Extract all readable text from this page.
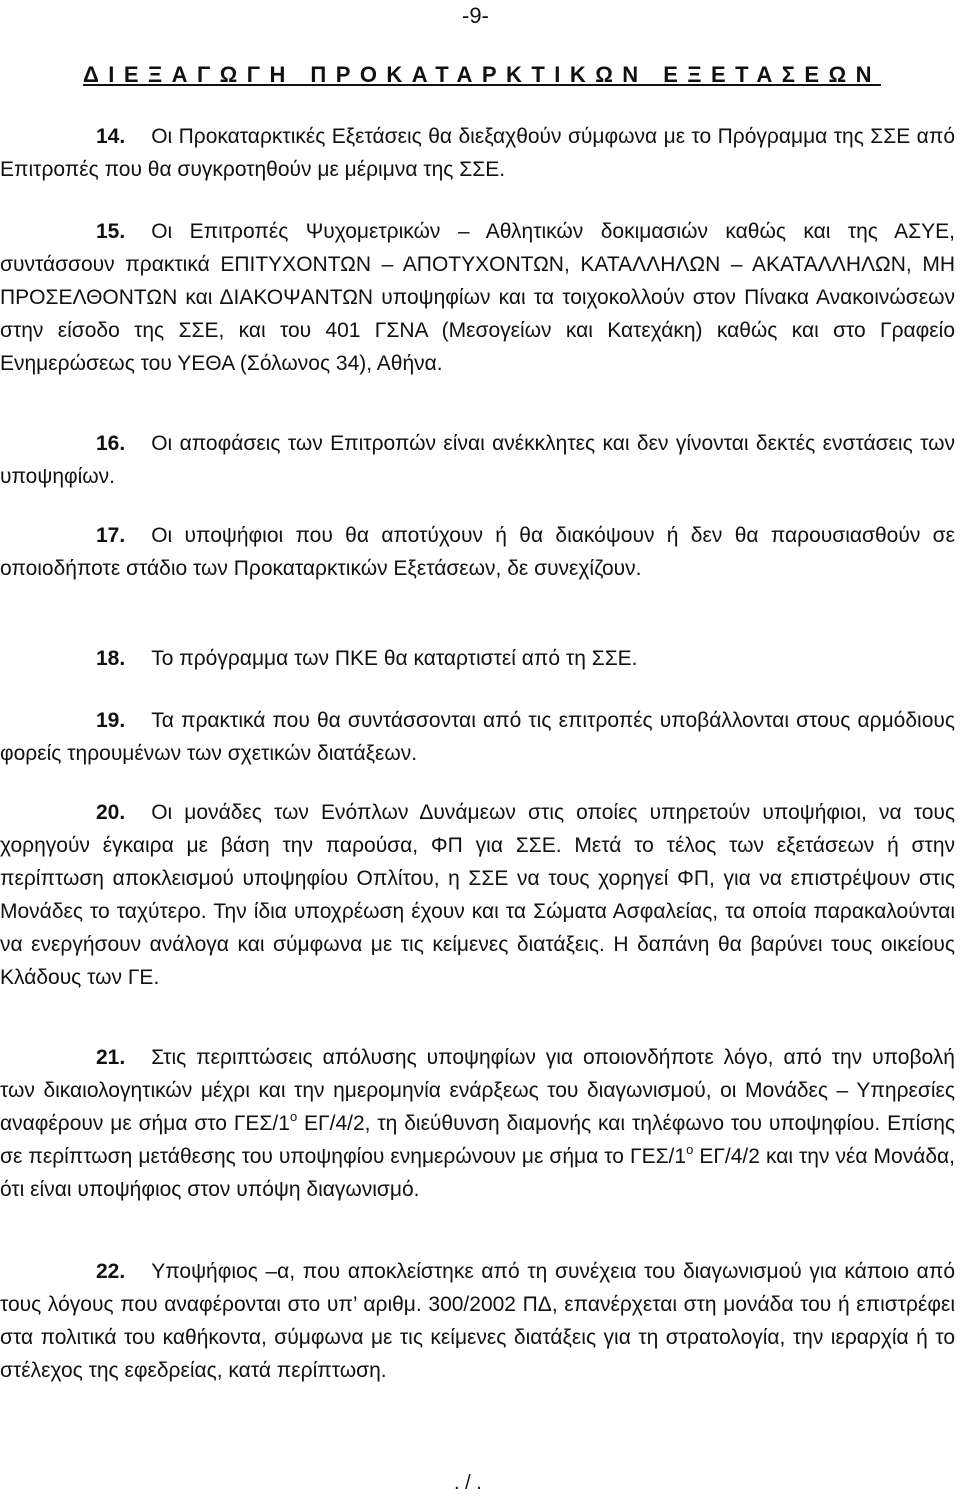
-9-
ΔΙΕΞΑΓΩΓΗ ΠΡΟΚΑΤΑΡΚΤΙΚΩΝ ΕΞΕΤΑΣΕΩΝ
14. Οι Προκαταρκτικές Εξετάσεις θα διεξαχθούν σύμφωνα με το Πρόγραμμα της ΣΣΕ από Επιτροπές που θα συγκροτηθούν με μέριμνα της ΣΣΕ.
15. Οι Επιτροπές Ψυχομετρικών – Αθλητικών δοκιμασιών καθώς και της ΑΣΥΕ, συντάσσουν πρακτικά ΕΠΙΤΥΧΟΝΤΩΝ – ΑΠΟΤΥΧΟΝΤΩΝ, ΚΑΤΑΛΛΗΛΩΝ – ΑΚΑΤΑΛΛΗΛΩΝ, ΜΗ ΠΡΟΣΕΛΘΟΝΤΩΝ και ΔΙΑΚΟΨΑΝΤΩΝ υποψηφίων και τα τοιχοκολλούν στον Πίνακα Ανακοινώσεων στην είσοδο της ΣΣΕ, και του 401 ΓΣΝΑ (Μεσογείων και Κατεχάκη) καθώς και στο Γραφείο Ενημερώσεως του ΥΕΘΑ (Σόλωνος 34), Αθήνα.
16. Οι αποφάσεις των Επιτροπών είναι ανέκκλητες και δεν γίνονται δεκτές ενστάσεις των υποψηφίων.
17. Οι υποψήφιοι που θα αποτύχουν ή θα διακόψουν ή δεν θα παρουσιασθούν σε οποιοδήποτε στάδιο των Προκαταρκτικών Εξετάσεων, δε συνεχίζουν.
18. Το πρόγραμμα των ΠΚΕ θα καταρτιστεί από τη ΣΣΕ.
19. Τα πρακτικά που θα συντάσσονται από τις επιτροπές υποβάλλονται στους αρμόδιους φορείς τηρουμένων των σχετικών διατάξεων.
20. Οι μονάδες των Ενόπλων Δυνάμεων στις οποίες υπηρετούν υποψήφιοι, να τους χορηγούν έγκαιρα με βάση την παρούσα, ΦΠ για ΣΣΕ. Μετά το τέλος των εξετάσεων ή στην περίπτωση αποκλεισμού υποψηφίου Οπλίτου, η ΣΣΕ να τους χορηγεί ΦΠ, για να επιστρέψουν στις Μονάδες το ταχύτερο. Την ίδια υποχρέωση έχουν και τα Σώματα Ασφαλείας, τα οποία παρακαλούνται να ενεργήσουν ανάλογα και σύμφωνα με τις κείμενες διατάξεις. Η δαπάνη θα βαρύνει τους οικείους Κλάδους των ΓΕ.
21. Στις περιπτώσεις απόλυσης υποψηφίων για οποιονδήποτε λόγο, από την υποβολή των δικαιολογητικών μέχρι και την ημερομηνία ενάρξεως του διαγωνισμού, οι Μονάδες – Υπηρεσίες αναφέρουν με σήμα στο ΓΕΣ/$1^o$ ΕΓ/4/2, τη διεύθυνση διαμονής και τηλέφωνο του υποψηφίου. Επίσης σε περίπτωση μετάθεσης του υποψηφίου ενημερώνουν με σήμα το ΓΕΣ/$1^o$ ΕΓ/4/2 και την νέα Μονάδα, ότι είναι υποψήφιος στον υπόψη διαγωνισμό.
22. Υποψήφιος –α, που αποκλείστηκε από τη συνέχεια του διαγωνισμού για κάποιο από τους λόγους που αναφέρονται στο υπ’ αριθμ. 300/2002 ΠΔ, επανέρχεται στη μονάδα του ή επιστρέφει στα πολιτικά του καθήκοντα, σύμφωνα με τις κείμενες διατάξεις για τη στρατολογία, την ιεραρχία ή το στέλεχος της εφεδρείας, κατά περίπτωση.
. / .
